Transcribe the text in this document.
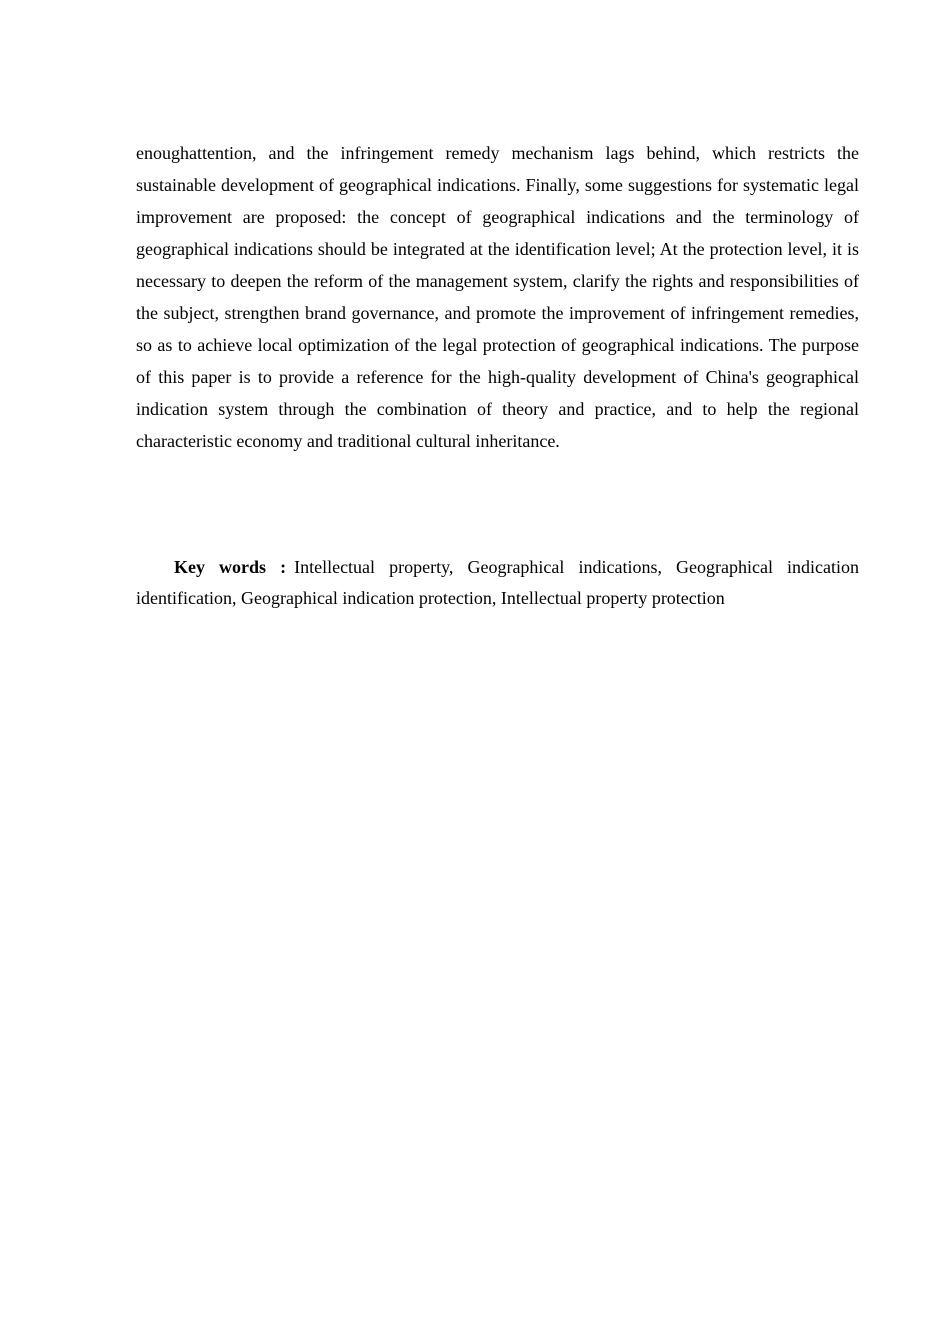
enoughattention, and the infringement remedy mechanism lags behind, which restricts the sustainable development of geographical indications. Finally, some suggestions for systematic legal improvement are proposed: the concept of geographical indications and the terminology of geographical indications should be integrated at the identification level; At the protection level, it is necessary to deepen the reform of the management system, clarify the rights and responsibilities of the subject, strengthen brand governance, and promote the improvement of infringement remedies, so as to achieve local optimization of the legal protection of geographical indications. The purpose of this paper is to provide a reference for the high-quality development of China's geographical indication system through the combination of theory and practice, and to help the regional characteristic economy and traditional cultural inheritance.

Key words : Intellectual property, Geographical indications, Geographical indication identification, Geographical indication protection, Intellectual property protection
